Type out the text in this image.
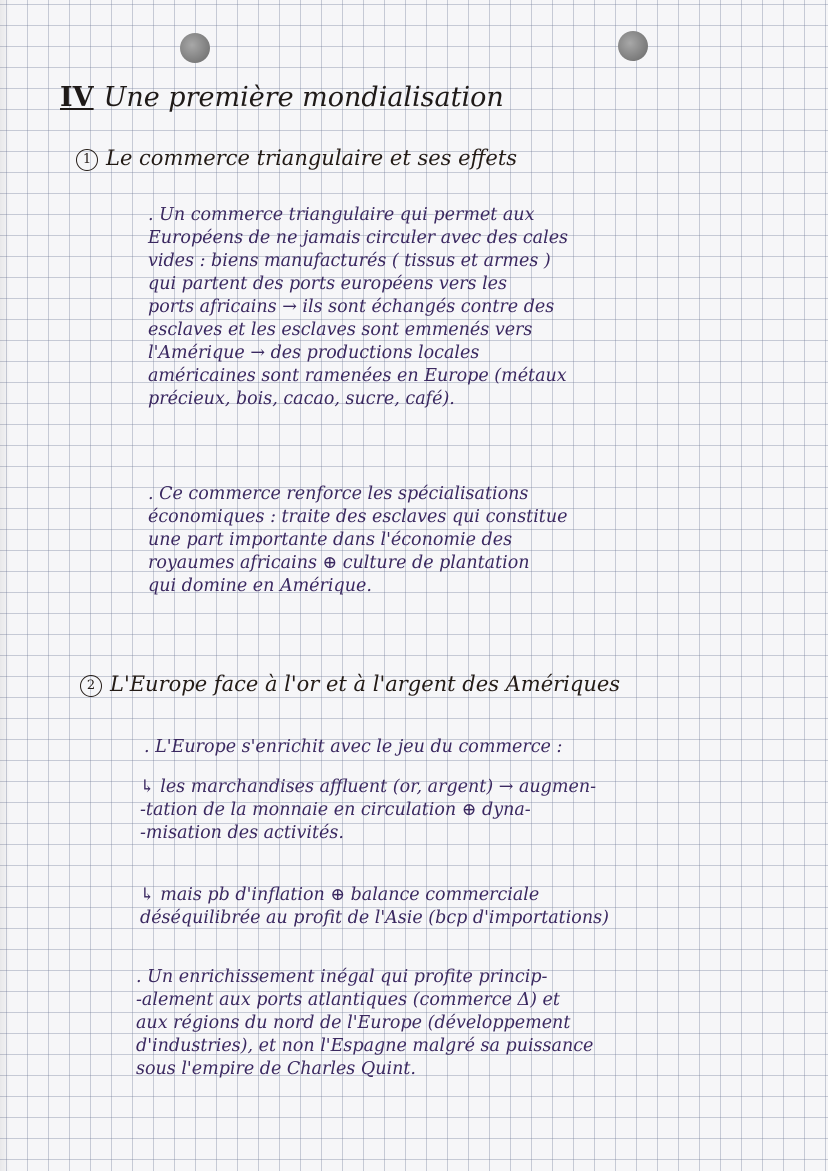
IV Une première mondialisation
1 Le commerce triangulaire et ses effets
. Un commerce triangulaire qui permet aux
Européens de ne jamais circuler avec des cales
vides : biens manufacturés ( tissus et armes )
qui partent des ports européens vers les
ports africains → ils sont échangés contre des
esclaves et les esclaves sont emmenés vers
l'Amérique → des productions locales
américaines sont ramenées en Europe (métaux
précieux, bois, cacao, sucre, café).
. Ce commerce renforce les spécialisations
économiques : traite des esclaves qui constitue
une part importante dans l'économie des
royaumes africains ⊕ culture de plantation
qui domine en Amérique.
2 L'Europe face à l'or et à l'argent des Amériques
. L'Europe s'enrichit avec le jeu du commerce :
↳ les marchandises affluent (or, argent) → augmen-
-tation de la monnaie en circulation ⊕ dyna-
-misation des activités.
↳ mais pb d'inflation ⊕ balance commerciale
déséquilibrée au profit de l'Asie (bcp d'importations)
. Un enrichissement inégal qui profite princip-
-alement aux ports atlantiques (commerce Δ) et
aux régions du nord de l'Europe (développement
d'industries), et non l'Espagne malgré sa puissance
sous l'empire de Charles Quint.
